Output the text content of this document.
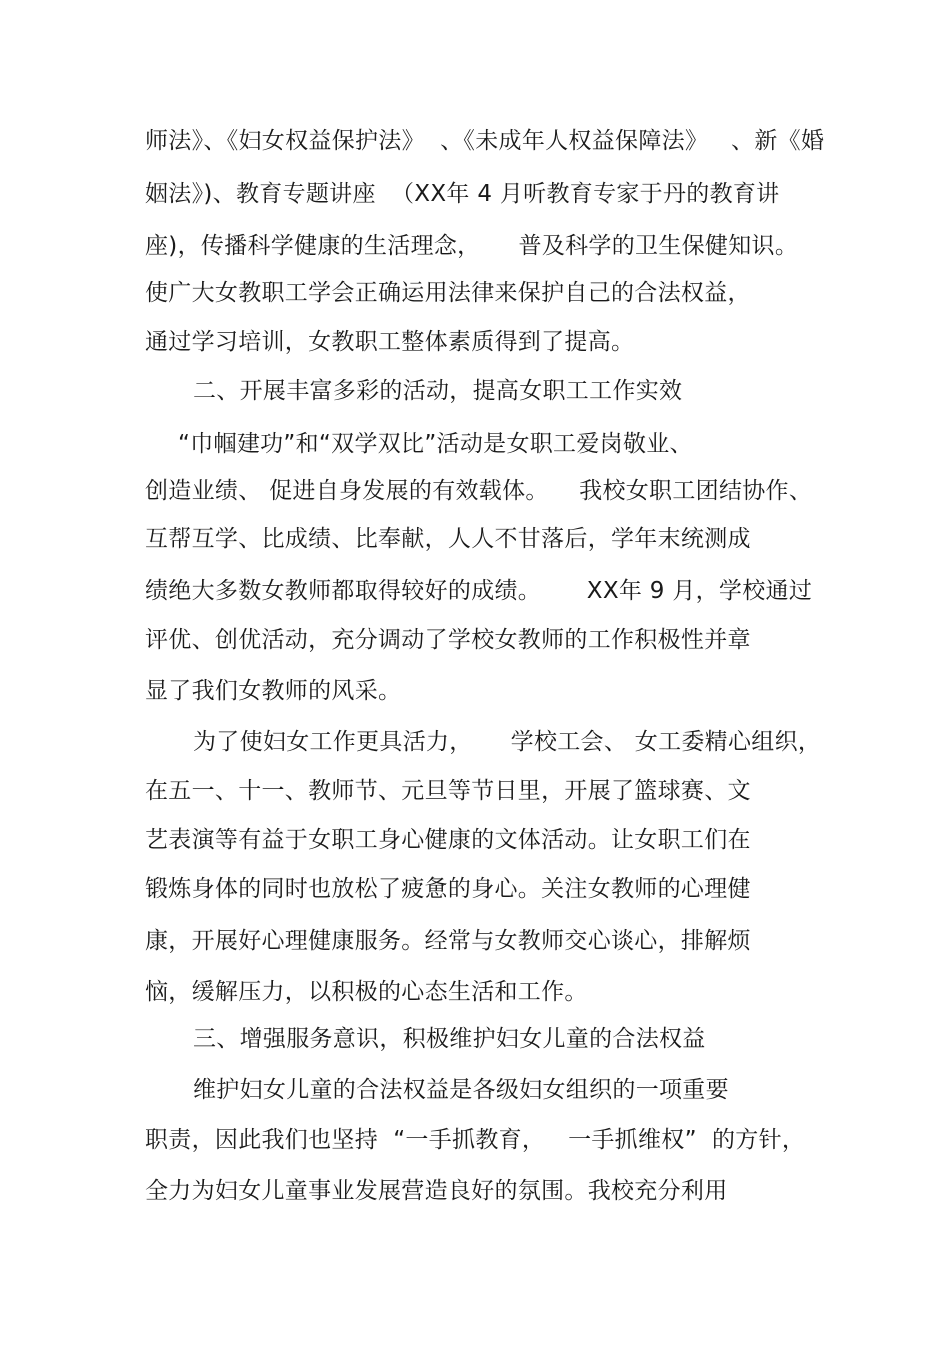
师法》、《妇女权益保护法》  、《未成年人权益保障法》   、新《婚
姻法》)、教育专题讲座  （XX年 4 月听教育专家于丹的教育讲
座)，传播科学健康的生活理念，     普及科学的卫生保健知识。
使广大女教职工学会正确运用法律来保护自己的合法权益，
通过学习培训，女教职工整体素质得到了提高。
二、开展丰富多彩的活动，提高女职工工作实效
“巾帼建功”和“双学双比”活动是女职工爱岗敬业、
创造业绩、 促进自身发展的有效载体。    我校女职工团结协作、
互帮互学、比成绩、比奉献，人人不甘落后，学年末统测成
绩绝大多数女教师都取得较好的成绩。      XX年 9 月，学校通过
评优、创优活动，充分调动了学校女教师的工作积极性并章
显了我们女教师的风采。
为了使妇女工作更具活力，     学校工会、 女工委精心组织，
在五一、十一、教师节、元旦等节日里，开展了篮球赛、文
艺表演等有益于女职工身心健康的文体活动。让女职工们在
锻炼身体的同时也放松了疲惫的身心。关注女教师的心理健
康，开展好心理健康服务。经常与女教师交心谈心，排解烦
恼，缓解压力，以积极的心态生活和工作。
三、增强服务意识，积极维护妇女儿童的合法权益
维护妇女儿童的合法权益是各级妇女组织的一项重要
职责，因此我们也坚持  “一手抓教育，   一手抓维权”  的方针，
全力为妇女儿童事业发展营造良好的氛围。我校充分利用
